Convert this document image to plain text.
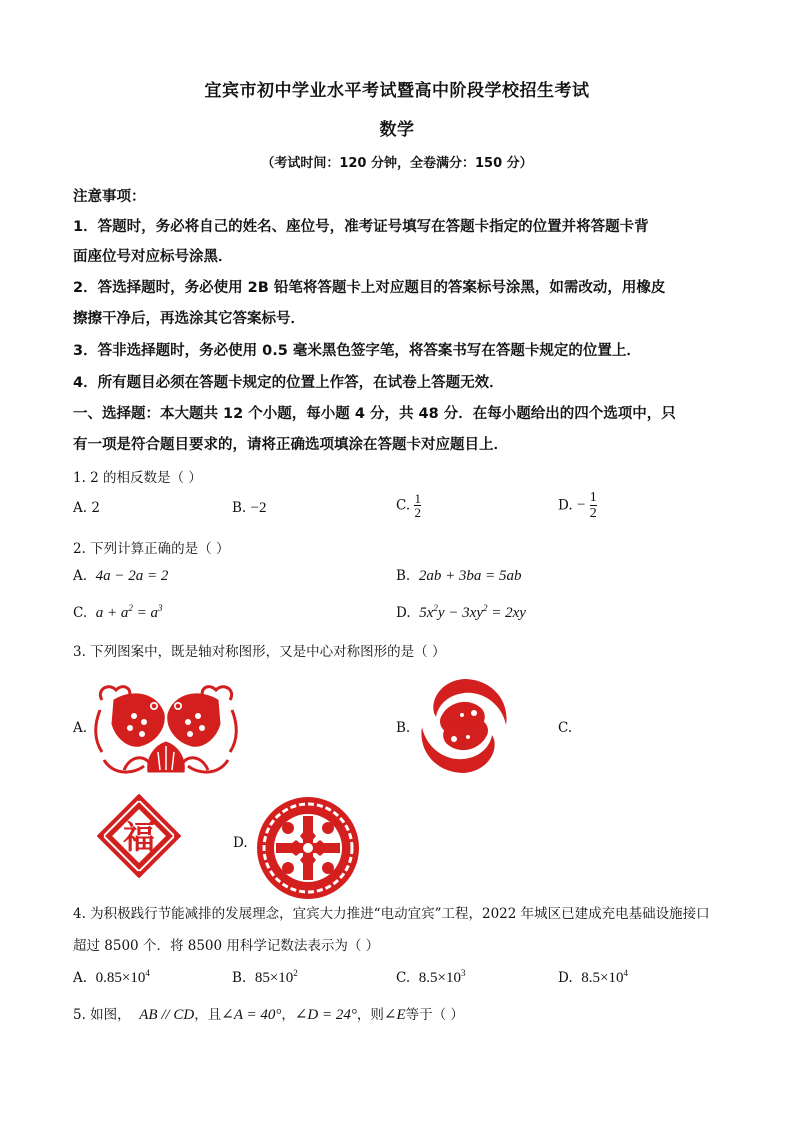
宜宾市初中学业水平考试暨高中阶段学校招生考试
数学
（考试时间：120 分钟，全卷满分：150 分）
注意事项：
1．答题时，务必将自己的姓名、座位号，准考证号填写在答题卡指定的位置并将答题卡背
面座位号对应标号涂黑．
2．答选择题时，务必使用 2B 铅笔将答题卡上对应题目的答案标号涂黑，如需改动，用橡皮
擦擦干净后，再选涂其它答案标号．
3．答非选择题时，务必使用 0.5 毫米黑色签字笔，将答案书写在答题卡规定的位置上．
4．所有题目必须在答题卡规定的位置上作答，在试卷上答题无效．
一、选择题：本大题共 12 个小题，每小题 4 分，共 48 分．在每小题给出的四个选项中，只
有一项是符合题目要求的，请将正确选项填涂在答题卡对应题目上．
1. 2 的相反数是（ ）
A. 2	B. −2	C. $\frac{1}{2}$	D. − $\frac{1}{2}$
2. 下列计算正确的是（ ）
A. 4a − 2a = 2	B. 2ab + 3ba = 5ab
C. $a + a^2 = a^3$	D. $5x^2y - 3xy^2 = 2xy$
3. 下列图案中，既是轴对称图形，又是中心对称图形的是（ ）
A.	B.	C.
福	D.
4. 为积极践行节能减排的发展理念，宜宾大力推进“电动宜宾”工程，2022 年城区已建成充电基础设施接口
超过 8500 个．将 8500 用科学记数法表示为（ ）
A. $0.85\times 10^4$	B. $85\times 10^2$	C. $8.5\times 10^3$	D. $8.5\times 10^4$
5. 如图， AB // CD，且∠A = 40°，∠D = 24°，则∠E等于（ ）
